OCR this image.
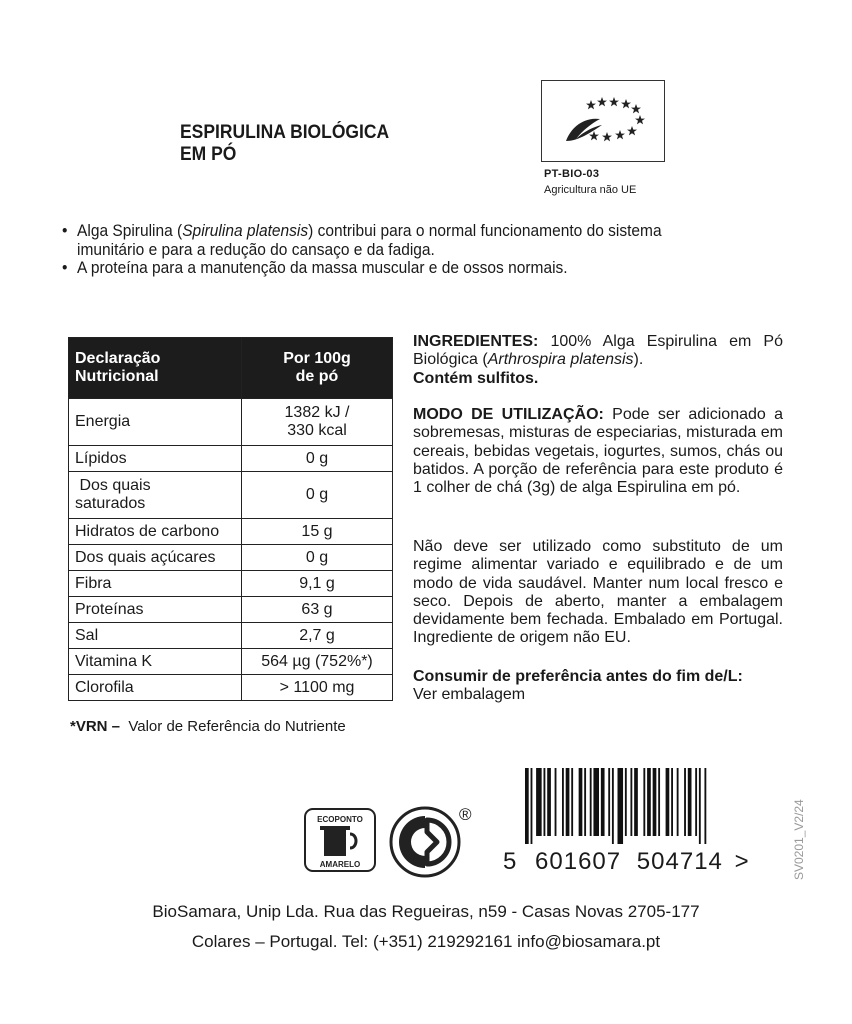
ESPIRULINA BIOLÓGICA
EM PÓ
PT-BIO-03
Agricultura não UE
• Alga Spirulina (Spirulina platensis) contribui para o normal funcionamento do sistema
imunitário e para a redução do cansaço e da fadiga.
• A proteína para a manutenção da massa muscular e de ossos normais.
Declaração
Nutricional	Por 100g
de pó
Energia	1382 kJ /
330 kcal
Lípidos	0 g
Dos quais
saturados	0 g
Hidratos de carbono	15 g
Dos quais açúcares	0 g
Fibra	9,1 g
Proteínas	63 g
Sal	2,7 g
Vitamina K	564 µg (752%*)
Clorofila	> 1100 mg
*VRN –  Valor de Referência do Nutriente
INGREDIENTES: 100% Alga Espirulina em Pó Biológica (Arthrospira platensis).
Contém sulfitos.
MODO DE UTILIZAÇÃO: Pode ser adicionado a sobremesas, misturas de especiarias, misturada em cereais, bebidas vegetais, iogurtes, sumos, chás ou batidos. A porção de referência para este produto é 1 colher de chá (3g) de alga Espirulina em pó.
Não deve ser utilizado como substituto de um regime alimentar variado e equilibrado e de um modo de vida saudável. Manter num local fresco e seco. Depois de aberto, manter a embalagem devidamente bem fechada. Embalado em Portugal. Ingrediente de origem não EU.
Consumir de preferência antes do fim de/L:
Ver embalagem
ECOPONTO
AMARELO
®
5 601607 504714 >	SV0201_V2/24
BioSamara, Unip Lda. Rua das Regueiras, n59 - Casas Novas 2705-177
Colares – Portugal. Tel: (+351) 219292161 info@biosamara.pt
